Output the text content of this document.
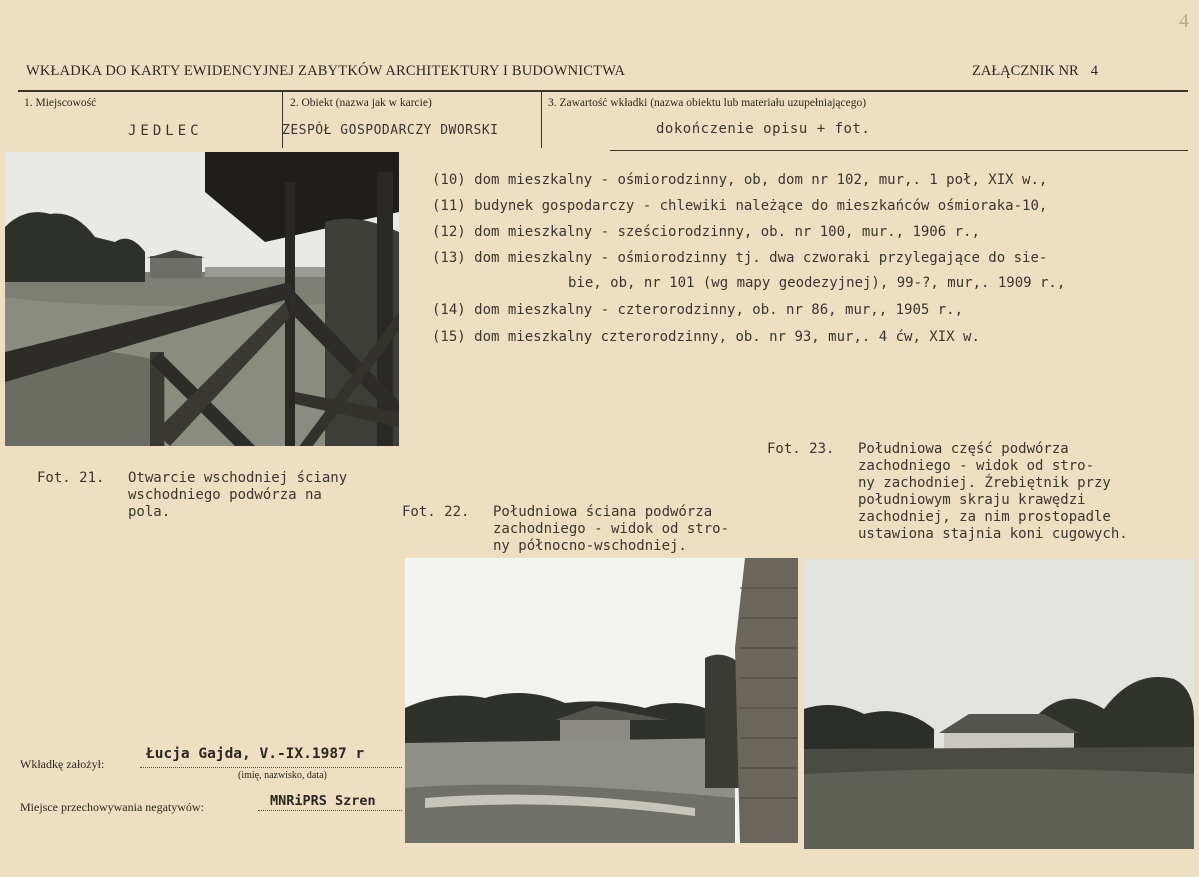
4
WKŁADKA DO KARTY EWIDENCYJNEJ ZABYTKÓW ARCHITEKTURY I BUDOWNICTWA	ZAŁĄCZNIK NR 4
1. Miejscowość
JEDLEC
2. Obiekt (nazwa jak w karcie)
ZESPÓŁ GOSPODARCZY DWORSKI
3. Zawartość wkładki (nazwa obiektu lub materiału uzupełniającego)
dokończenie opisu + fot.
(10) dom mieszkalny - ośmiorodzinny, ob, dom nr 102, mur,. 1 poł, XIX w.,
(11) budynek gospodarczy - chlewiki należące do mieszkańców ośmioraka-10,
(12) dom mieszkalny - sześciorodzinny, ob. nr 100, mur., 1906 r.,
(13) dom mieszkalny - ośmiorodzinny tj. dwa czworaki przylegające do sie-
bie, ob, nr 101 (wg mapy geodezyjnej), 99-?, mur,. 1909 r.,
(14) dom mieszkalny - czterorodzinny, ob. nr 86, mur,, 1905 r.,
(15) dom mieszkalny czterorodzinny, ob. nr 93, mur,. 4 ćw, XIX w.
Fot. 21. Otwarcie wschodniej ściany
wschodniego podwórza na
pola.	Fot. 22. Południowa ściana podwórza
zachodniego - widok od stro-
ny północno-wschodniej.
Fot. 23. Południowa część podwórza
zachodniego - widok od stro-
ny zachodniej. Źrebiętnik przy
południowym skraju krawędzi
zachodniej, za nim prostopadle
ustawiona stajnia koni cugowych.
Wkładkę założył:
Łucja Gajda, V.-IX.1987 r
(imię, nazwisko, data)
Miejsce przechowywania negatywów:	MNRiPRS Szren
